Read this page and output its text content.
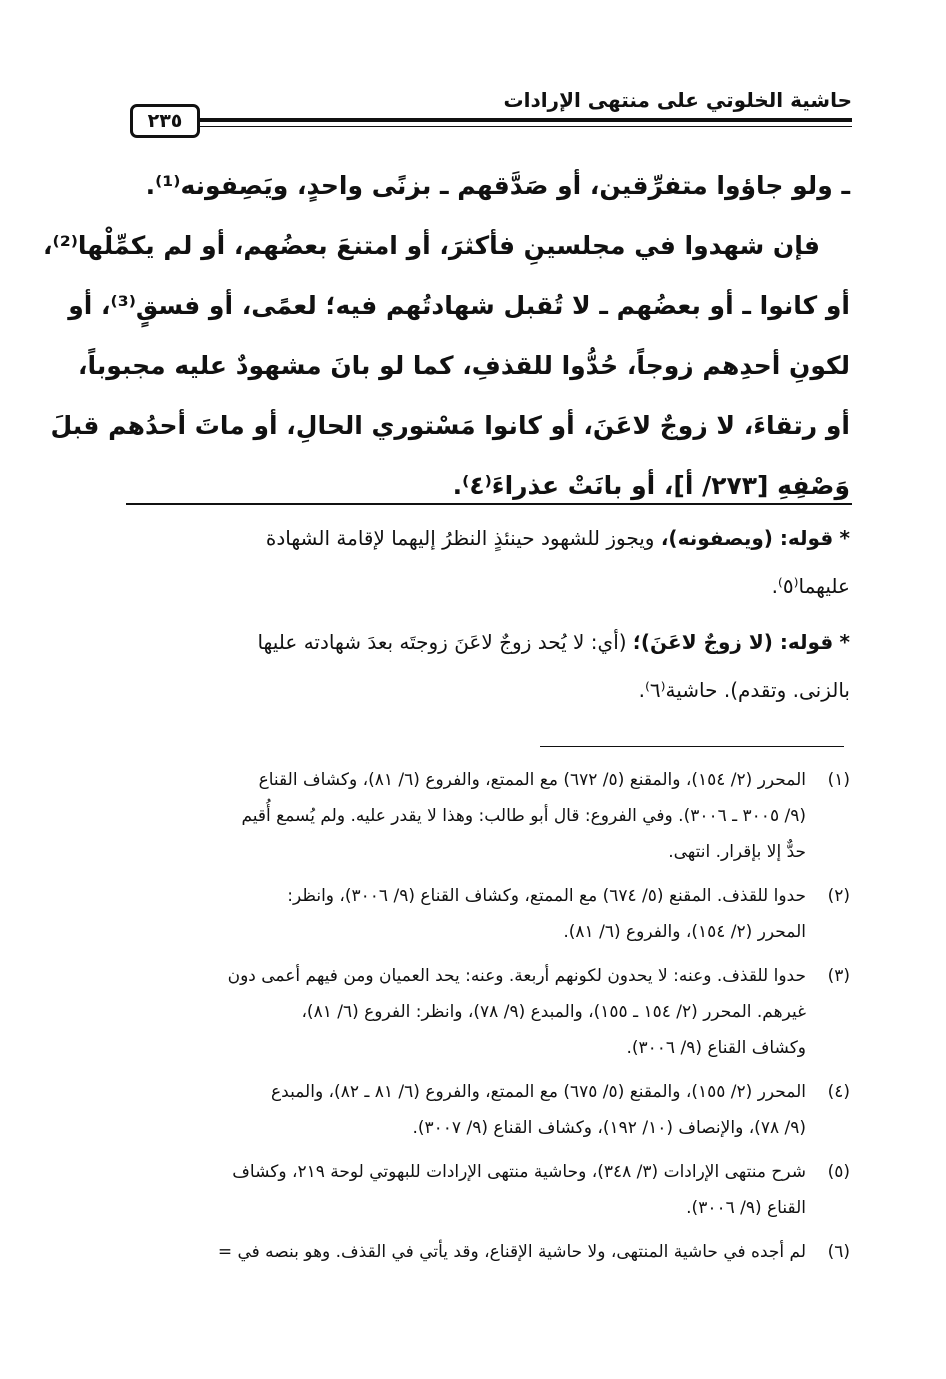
حاشية الخلوتي على منتهى الإرادات
٢٣٥
ـ ولو جاؤوا متفرِّقين، أو صَدَّقهم ـ بزنًى واحدٍ، ويَصِفونه⁽¹⁾.
فإن شهدوا في مجلسينِ فأكثرَ، أو امتنعَ بعضُهم، أو لم يكمِّلْها⁽²⁾،
أو كانوا ـ أو بعضُهم ـ لا تُقبل شهادتُهم فيه؛ لعمًى، أو فسقٍ⁽³⁾، أو
لكونِ أحدِهم زوجاً، حُدُّوا للقذفِ، كما لو بانَ مشهودٌ عليه مجبوباً،
أو رتقاءَ، لا زوجٌ لاعَنَ، أو كانوا مَسْتوري الحالِ، أو ماتَ أحدُهم قبلَ
وَصْفِهِ [٢٧٣/ أ]، أو بانَتْ عذراءَ⁽٤⁾.
* قوله: (ويصفونه)، ويجوز للشهود حينئذٍ النظرُ إليهما لإقامة الشهادة
عليهما⁽٥⁾.
* قوله: (لا زوجٌ لاعَنَ)؛ (أي: لا يُحد زوجٌ لاعَنَ زوجتَه بعدَ شهادته عليها
بالزنى. وتقدم). حاشية⁽٦⁾.
(١)
المحرر (٢/ ١٥٤)، والمقنع (٥/ ٦٧٢) مع الممتع، والفروع (٦/ ٨١)، وكشاف القناع
(٩/ ٣٠٠٥ ـ ٣٠٠٦). وفي الفروع: قال أبو طالب: وهذا لا يقدر عليه. ولم يُسمع أُقيم
حدٌّ إلا بإقرار. انتهى.
(٢)
حدوا للقذف. المقنع (٥/ ٦٧٤) مع الممتع، وكشاف القناع (٩/ ٣٠٠٦)، وانظر:
المحرر (٢/ ١٥٤)، والفروع (٦/ ٨١).
(٣)
حدوا للقذف. وعنه: لا يحدون لكونهم أربعة. وعنه: يحد العميان ومن فيهم أعمى دون
غيرهم. المحرر (٢/ ١٥٤ ـ ١٥٥)، والمبدع (٩/ ٧٨)، وانظر: الفروع (٦/ ٨١)،
وكشاف القناع (٩/ ٣٠٠٦).
(٤)
المحرر (٢/ ١٥٥)، والمقنع (٥/ ٦٧٥) مع الممتع، والفروع (٦/ ٨١ ـ ٨٢)، والمبدع
(٩/ ٧٨)، والإنصاف (١٠/ ١٩٢)، وكشاف القناع (٩/ ٣٠٠٧).
(٥)
شرح منتهى الإرادات (٣/ ٣٤٨)، وحاشية منتهى الإرادات للبهوتي لوحة ٢١٩، وكشاف
القناع (٩/ ٣٠٠٦).
(٦)
لم أجده في حاشية المنتهى، ولا حاشية الإقناع، وقد يأتي في القذف. وهو بنصه في =
